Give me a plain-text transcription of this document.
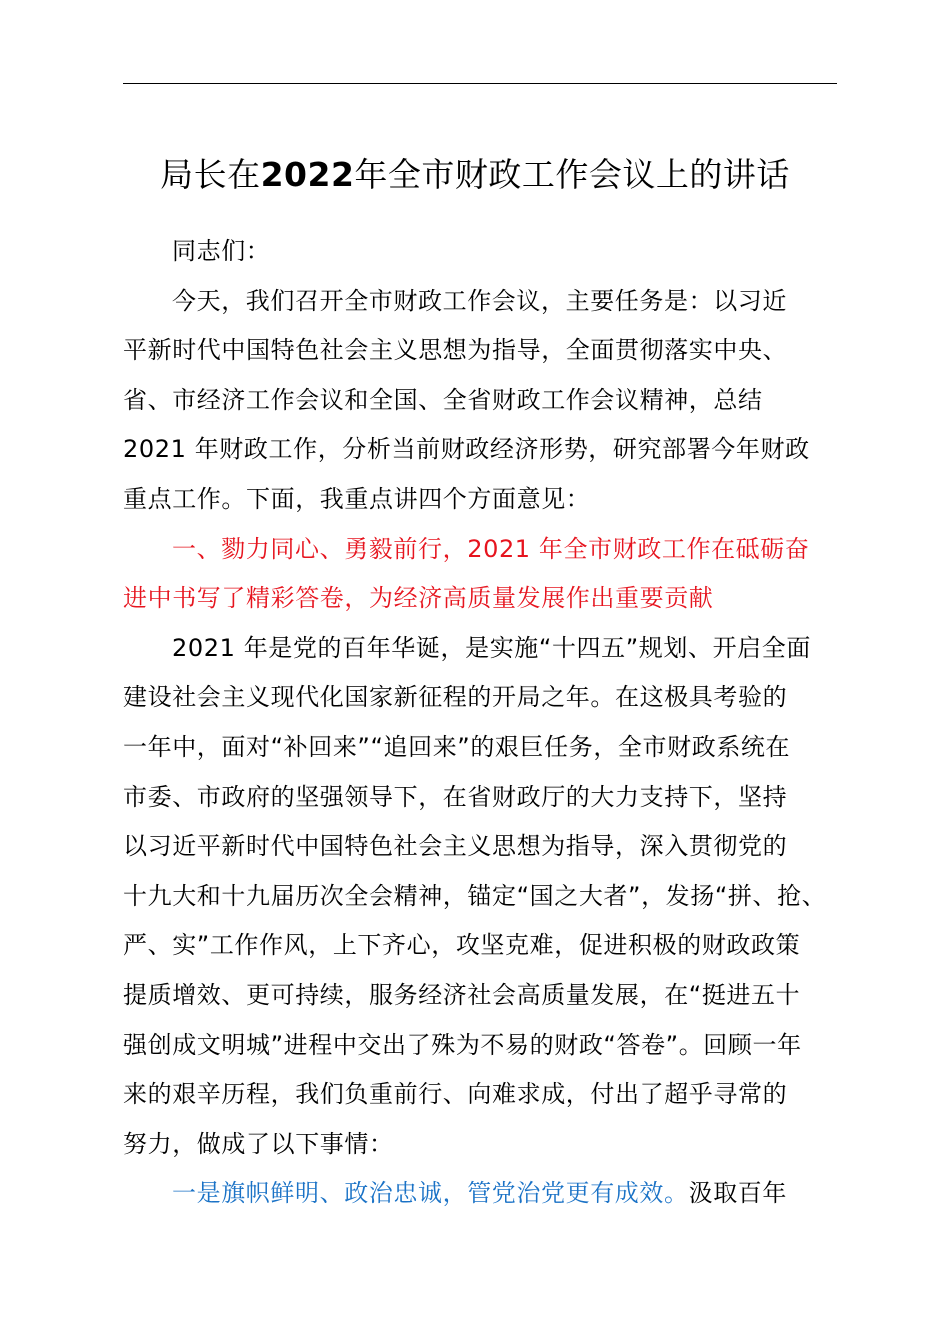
局长在2022年全市财政工作会议上的讲话
同志们：
今天，我们召开全市财政工作会议，主要任务是：以习近
平新时代中国特色社会主义思想为指导，全面贯彻落实中央、
省、市经济工作会议和全国、全省财政工作会议精神，总结
2021 年财政工作，分析当前财政经济形势，研究部署今年财政
重点工作。下面，我重点讲四个方面意见：
一、勠力同心、勇毅前行，2021 年全市财政工作在砥砺奋
进中书写了精彩答卷，为经济高质量发展作出重要贡献
2021 年是党的百年华诞，是实施“十四五”规划、开启全面
建设社会主义现代化国家新征程的开局之年。在这极具考验的
一年中，面对“补回来”“追回来”的艰巨任务，全市财政系统在
市委、市政府的坚强领导下，在省财政厅的大力支持下，坚持
以习近平新时代中国特色社会主义思想为指导，深入贯彻党的
十九大和十九届历次全会精神，锚定“国之大者”，发扬“拼、抢、
严、实”工作作风，上下齐心，攻坚克难，促进积极的财政政策
提质增效、更可持续，服务经济社会高质量发展，在“挺进五十
强创成文明城”进程中交出了殊为不易的财政“答卷”。回顾一年
来的艰辛历程，我们负重前行、向难求成，付出了超乎寻常的
努力，做成了以下事情：
一是旗帜鲜明、政治忠诚，管党治党更有成效。汲取百年
